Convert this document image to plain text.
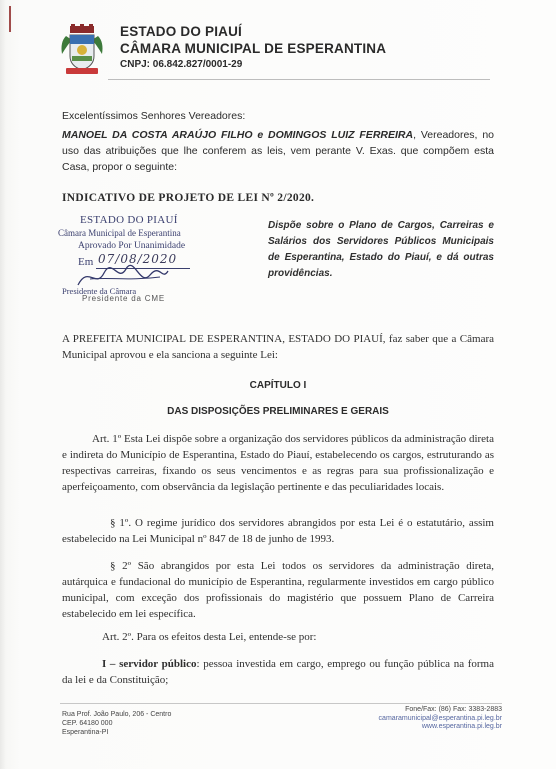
ESTADO DO PIAUÍ
CÂMARA MUNICIPAL DE ESPERANTINA
CNPJ: 06.842.827/0001-29
Excelentíssimos Senhores Vereadores:
MANOEL DA COSTA ARAÚJO FILHO e DOMINGOS LUIZ FERREIRA, Vereadores, no uso das atribuições que lhe conferem as leis, vem perante V. Exas. que compõem esta Casa, propor o seguinte:
INDICATIVO DE PROJETO DE LEI Nº 2/2020.
ESTADO DO PIAUÍ
Câmara Municipal de Esperantina
Aprovado Por Unanimidade
Em 07/08/2020
Presidente da Câmara
Presidente da CME
Dispõe sobre o Plano de Cargos, Carreiras e Salários dos Servidores Públicos Municipais de Esperantina, Estado do Piauí, e dá outras providências.
A PREFEITA MUNICIPAL DE ESPERANTINA, ESTADO DO PIAUÍ, faz saber que a Câmara Municipal aprovou e ela sanciona a seguinte Lei:
CAPÍTULO I
DAS DISPOSIÇÕES PRELIMINARES E GERAIS
Art. 1º Esta Lei dispõe sobre a organização dos servidores públicos da administração direta e indireta do Município de Esperantina, Estado do Piauí, estabelecendo os cargos, estruturando as respectivas carreiras, fixando os seus vencimentos e as regras para sua profissionalização e aperfeiçoamento, com observância da legislação pertinente e das peculiaridades locais.
§ 1º. O regime jurídico dos servidores abrangidos por esta Lei é o estatutário, assim estabelecido na Lei Municipal nº 847 de 18 de junho de 1993.
§ 2º São abrangidos por esta Lei todos os servidores da administração direta, autárquica e fundacional do município de Esperantina, regularmente investidos em cargo público municipal, com exceção dos profissionais do magistério que possuem Plano de Carreira estabelecido em lei específica.
Art. 2º. Para os efeitos desta Lei, entende-se por:
I – servidor público: pessoa investida em cargo, emprego ou função pública na forma da lei e da Constituição;
Rua Prof. João Paulo, 206 - Centro
CEP. 64180 000
Esperantina-PI
Fone/Fax: (86) Fax: 3383-2883
camaramunicipal@esperantina.pi.leg.br
www.esperantina.pi.leg.br
